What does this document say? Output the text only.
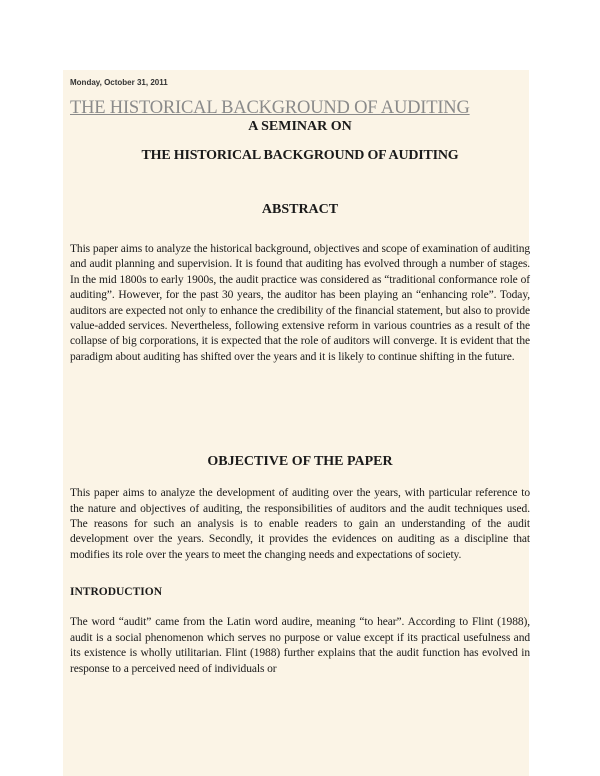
Monday, October 31, 2011

THE HISTORICAL BACKGROUND OF AUDITING

A SEMINAR ON

THE HISTORICAL BACKGROUND OF AUDITING

ABSTRACT

This paper aims to analyze the historical background, objectives and scope of examination of auditing and audit planning and supervision. It is found that auditing has evolved through a number of stages. In the mid 1800s to early 1900s, the audit practice was considered as “traditional conformance role of auditing”. However, for the past 30 years, the auditor has been playing an “enhancing role”. Today, auditors are expected not only to enhance the credibility of the financial statement, but also to provide value-added services. Nevertheless, following extensive reform in various countries as a result of the collapse of big corporations, it is expected that the role of auditors will converge. It is evident that the paradigm about auditing has shifted over the years and it is likely to continue shifting in the future.

OBJECTIVE OF THE PAPER

This paper aims to analyze the development of auditing over the years, with particular reference to the nature and objectives of auditing, the responsibilities of auditors and the audit techniques used. The reasons for such an analysis is to enable readers to gain an understanding of the audit development over the years. Secondly, it provides the evidences on auditing as a discipline that modifies its role over the years to meet the changing needs and expectations of society.

INTRODUCTION

The word “audit” came from the Latin word audire, meaning “to hear”. According to Flint (1988), audit is a social phenomenon which serves no purpose or value except if its practical usefulness and its existence is wholly utilitarian. Flint (1988) further explains that the audit function has evolved in response to a perceived need of individuals or
